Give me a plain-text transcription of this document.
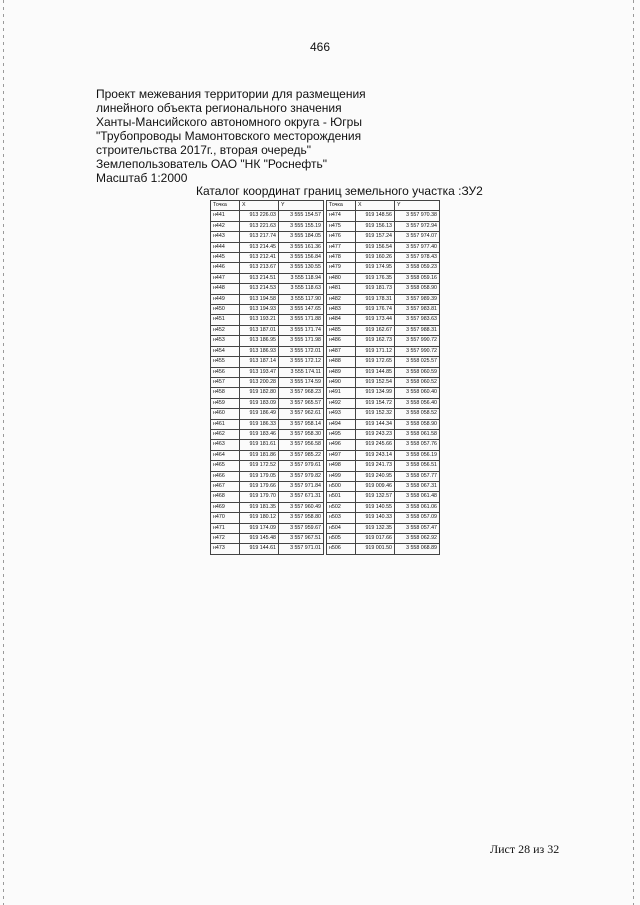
466
Проект межевания территории для размещения
линейного объекта регионального значения
Ханты-Мансийского автономного округа - Югры
"Трубопроводы Мамонтовского месторождения
строительства 2017г., вторая очередь"
Землепользователь ОАО "НК "Роснефть"
Масштаб 1:2000
Каталог координат границ земельного участка :ЗУ2
Точка	X	Y
н441	913 226.03	3 555 154.57
н442	913 221.63	3 555 155.19
н443	913 217.74	3 555 184.05
н444	913 214.45	3 555 161.36
н445	913 212.41	3 555 156.84
н446	913 213.67	3 555 130.55
н447	913 214.51	3 555 118.94
н448	913 214.53	3 555 118.63
н449	913 194.58	3 555 117.90
н450	913 194.93	3 555 147.65
н451	913 193.21	3 555 171.88
н452	913 187.01	3 555 171.74
н453	913 186.95	3 555 171.98
н454	913 186.93	3 555 172.01
н455	913 187.14	3 555 172.12
н456	913 193.47	3 555 174.11
н457	913 200.28	3 555 174.59
н458	919 182.80	3 557 968.23
н459	919 183.09	3 557 965.57
н460	919 186.49	3 557 962.61
н461	919 186.33	3 557 958.14
н462	919 183.46	3 557 958.30
н463	919 181.61	3 557 956.58
н464	919 181.86	3 557 985.22
н465	919 172.52	3 557 979.61
н466	919 179.05	3 557 979.82
н467	919 179.66	3 557 971.84
н468	919 179.70	3 557 671.31
н469	919 181.35	3 557 960.49
н470	919 180.12	3 557 958.80
н471	919 174.09	3 557 959.67
н472	919 145.48	3 557 967.51
н473	919 144.61	3 557 971.01
Точка	X	Y
н474	919 148.56	3 557 970.38
н475	919 156.13	3 557 972.94
н476	919 157.24	3 557 974.07
н477	919 156.54	3 557 977.40
н478	919 160.26	3 557 978.43
н479	919 174.95	3 558 059.23
н480	919 176.35	3 558 059.16
н481	919 181.73	3 558 058.90
н482	919 178.31	3 557 989.39
н483	919 176.74	3 557 983.81
н484	919 173.44	3 557 983.63
н485	919 162.67	3 557 988.31
н486	919 162.73	3 557 990.72
н487	919 171.12	3 557 990.72
н488	919 172.65	3 558 025.57
н489	919 144.85	3 558 060.59
н490	919 152.54	3 558 060.52
н491	919 134.99	3 558 060.40
н492	919 154.72	3 558 056.40
н493	919 152.32	3 558 058.52
н494	919 144.34	3 558 058.90
н495	919 243.23	3 558 061.58
н496	919 245.66	3 558 057.76
н497	919 243.14	3 558 056.19
н498	919 241.73	3 558 056.51
н499	919 240.95	3 558 057.77
н500	919 009.46	3 558 067.31
н501	919 132.57	3 558 061.48
н502	919 140.55	3 558 061.06
н503	919 140.33	3 558 057.09
н504	919 132.35	3 558 057.47
н505	919 017.66	3 558 062.92
н506	919 001.50	3 558 068.89
Лист 28 из 32
